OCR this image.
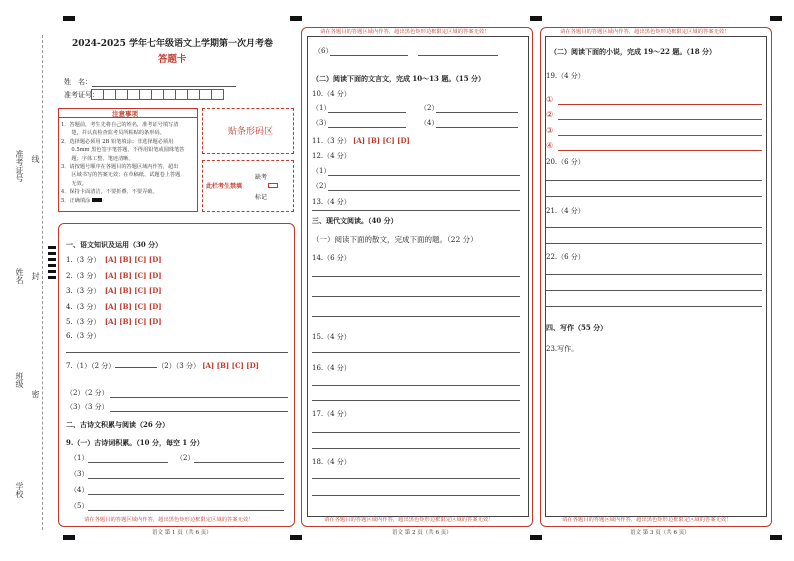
准考证号 线
姓名 封
班级
密
学校
2024-2025 学年七年级语文上学期第一次月考卷
答题卡
姓　名：
准考证号：
注意事项
1．答题前，考生先将自己的姓名，准考证号填写清
　　楚，并认真检查监考员所粘贴的条形码。
2．选择题必须用 2B 铅笔填涂；非选择题必须用
　　0.5mm 黑色签字笔答题，不得用铅笔或圆珠笔答
　　题；字体工整、笔迹清晰。
3．请按题号顺序在各题目的答题区域内作答，超出
　　区域书写的答案无效；在草稿纸、试题卷上答题
　　无效。
4．保持卡面清洁，不要折叠、不要弄破。
5．正确填涂
贴条形码区
此栏考生禁填
缺考
标记
一、语文知识及运用（30 分）
1.（3 分） [A] [B] [C] [D]
2.（3 分） [A] [B] [C] [D]
3.（3 分） [A] [B] [C] [D]
4.（3 分） [A] [B] [C] [D]
5.（3 分） [A] [B] [C] [D]
6.（3 分）
7.（1）（2 分）	（2）（3 分） [A] [B] [C] [D]
（2）（2 分）
（3）（3 分）
二、古诗文积累与阅读（26 分）
9.（一）古诗词积累。（10 分，每空 1 分）
（1）	（2）
（3）
（4）
（5）
请在各题目的答题区域内作答，超出黑色矩形边框限定区域的答案无效！
语文 第 1 页（共 6 页）
请在各题目的答题区域内作答，超出黑色矩形边框限定区域的答案无效！
（6）
（二）阅读下面的文言文，完成 10～13 题。（15 分）
10.（4 分）
（1）	（2）
（3）	（4）
11.（3 分） [A] [B] [C] [D]
12.（4 分）
（1）
（2）
13.（4 分）
三、现代文阅读。（40 分）
（一）阅读下面的散文，完成下面的题。（22 分）
14.（6 分）
15.（4 分）
16.（4 分）
17.（4 分）
18.（4 分）
请在各题目的答题区域内作答，超出黑色矩形边框限定区域的答案无效！
语文 第 2 页（共 6 页）
请在各题目的答题区域内作答，超出黑色矩形边框限定区域的答案无效！
（二）阅读下面的小说，完成 19～22 题。（18 分）
19.（4 分）
①
②
③
④
20.（6 分）
21.（4 分）
22.（6 分）
四、写作（55 分）
23.写作。
请在各题目的答题区域内作答，超出黑色矩形边框限定区域的答案无效！
语文 第 3 页（共 6 页）
